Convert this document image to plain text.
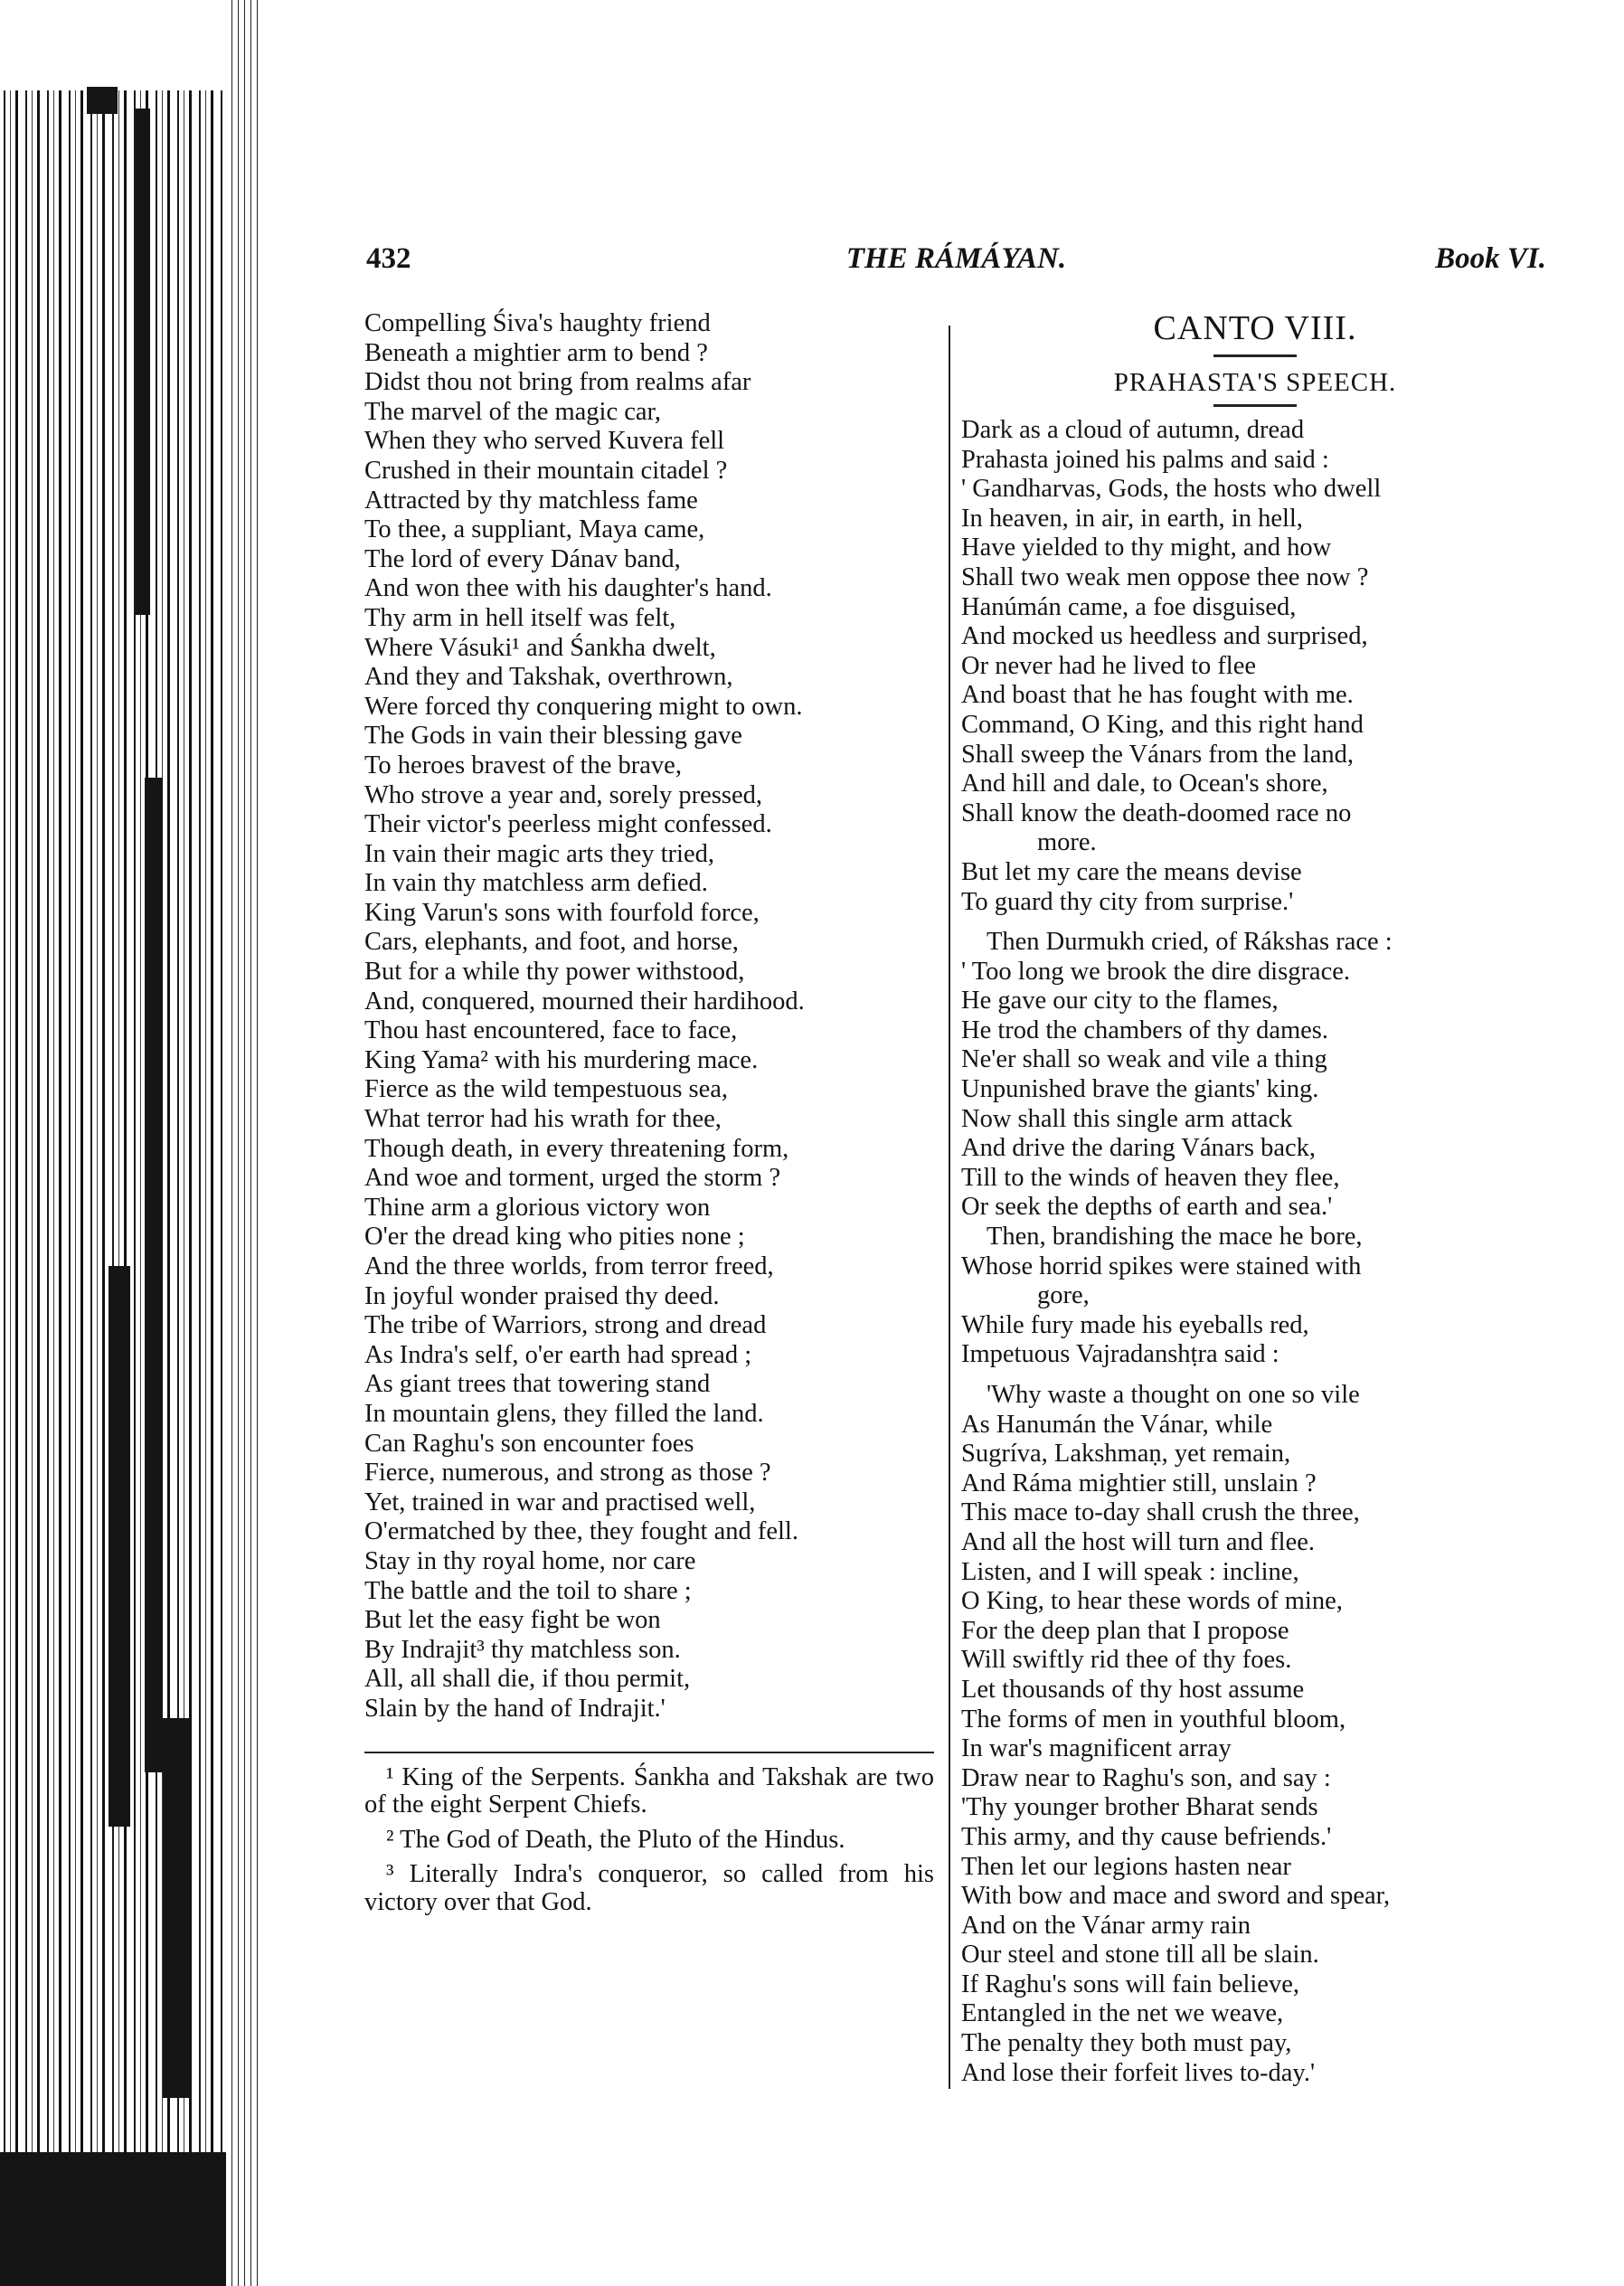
432	THE RÁMÁYAN.	Book VI.
Compelling Śiva's haughty friend
Beneath a mightier arm to bend ?
Didst thou not bring from realms afar
The marvel of the magic car,
When they who served Kuvera fell
Crushed in their mountain citadel ?
Attracted by thy matchless fame
To thee, a suppliant, Maya came,
The lord of every Dánav band,
And won thee with his daughter's hand.
Thy arm in hell itself was felt,
Where Vásuki¹ and Śankha dwelt,
And they and Takshak, overthrown,
Were forced thy conquering might to own.
The Gods in vain their blessing gave
To heroes bravest of the brave,
Who strove a year and, sorely pressed,
Their victor's peerless might confessed.
In vain their magic arts they tried,
In vain thy matchless arm defied.
King Varun's sons with fourfold force,
Cars, elephants, and foot, and horse,
But for a while thy power withstood,
And, conquered, mourned their hardihood.
Thou hast encountered, face to face,
King Yama² with his murdering mace.
Fierce as the wild tempestuous sea,
What terror had his wrath for thee,
Though death, in every threatening form,
And woe and torment, urged the storm ?
Thine arm a glorious victory won
O'er the dread king who pities none ;
And the three worlds, from terror freed,
In joyful wonder praised thy deed.
The tribe of Warriors, strong and dread
As Indra's self, o'er earth had spread ;
As giant trees that towering stand
In mountain glens, they filled the land.
Can Raghu's son encounter foes
Fierce, numerous, and strong as those ?
Yet, trained in war and practised well,
O'ermatched by thee, they fought and fell.
Stay in thy royal home, nor care
The battle and the toil to share ;
But let the easy fight be won
By Indrajit³ thy matchless son.
All, all shall die, if thou permit,
Slain by the hand of Indrajit.'

¹ King of the Serpents. Śankha and Takshak are two of the eight Serpent Chiefs.

² The God of Death, the Pluto of the Hindus.

³ Literally Indra's conqueror, so called from his victory over that God.

CANTO VIII.
PRAHASTA'S SPEECH.
Dark as a cloud of autumn, dread
Prahasta joined his palms and said :
' Gandharvas, Gods, the hosts who dwell
In heaven, in air, in earth, in hell,
Have yielded to thy might, and how
Shall two weak men oppose thee now ?
Hanúmán came, a foe disguised,
And mocked us heedless and surprised,
Or never had he lived to flee
And boast that he has fought with me.
Command, O King, and this right hand
Shall sweep the Vánars from the land,
And hill and dale, to Ocean's shore,
Shall know the death-doomed race no
more.
But let my care the means devise
To guard thy city from surprise.'
Then Durmukh cried, of Rákshas race :
' Too long we brook the dire disgrace.
He gave our city to the flames,
He trod the chambers of thy dames.
Ne'er shall so weak and vile a thing
Unpunished brave the giants' king.
Now shall this single arm attack
And drive the daring Vánars back,
Till to the winds of heaven they flee,
Or seek the depths of earth and sea.'
Then, brandishing the mace he bore,
Whose horrid spikes were stained with
gore,
While fury made his eyeballs red,
Impetuous Vajradanshṭra said :
'Why waste a thought on one so vile
As Hanumán the Vánar, while
Sugríva, Lakshmaṇ, yet remain,
And Ráma mightier still, unslain ?
This mace to-day shall crush the three,
And all the host will turn and flee.
Listen, and I will speak : incline,
O King, to hear these words of mine,
For the deep plan that I propose
Will swiftly rid thee of thy foes.
Let thousands of thy host assume
The forms of men in youthful bloom,
In war's magnificent array
Draw near to Raghu's son, and say :
'Thy younger brother Bharat sends
This army, and thy cause befriends.'
Then let our legions hasten near
With bow and mace and sword and spear,
And on the Vánar army rain
Our steel and stone till all be slain.
If Raghu's sons will fain believe,
Entangled in the net we weave,
The penalty they both must pay,
And lose their forfeit lives to-day.'
